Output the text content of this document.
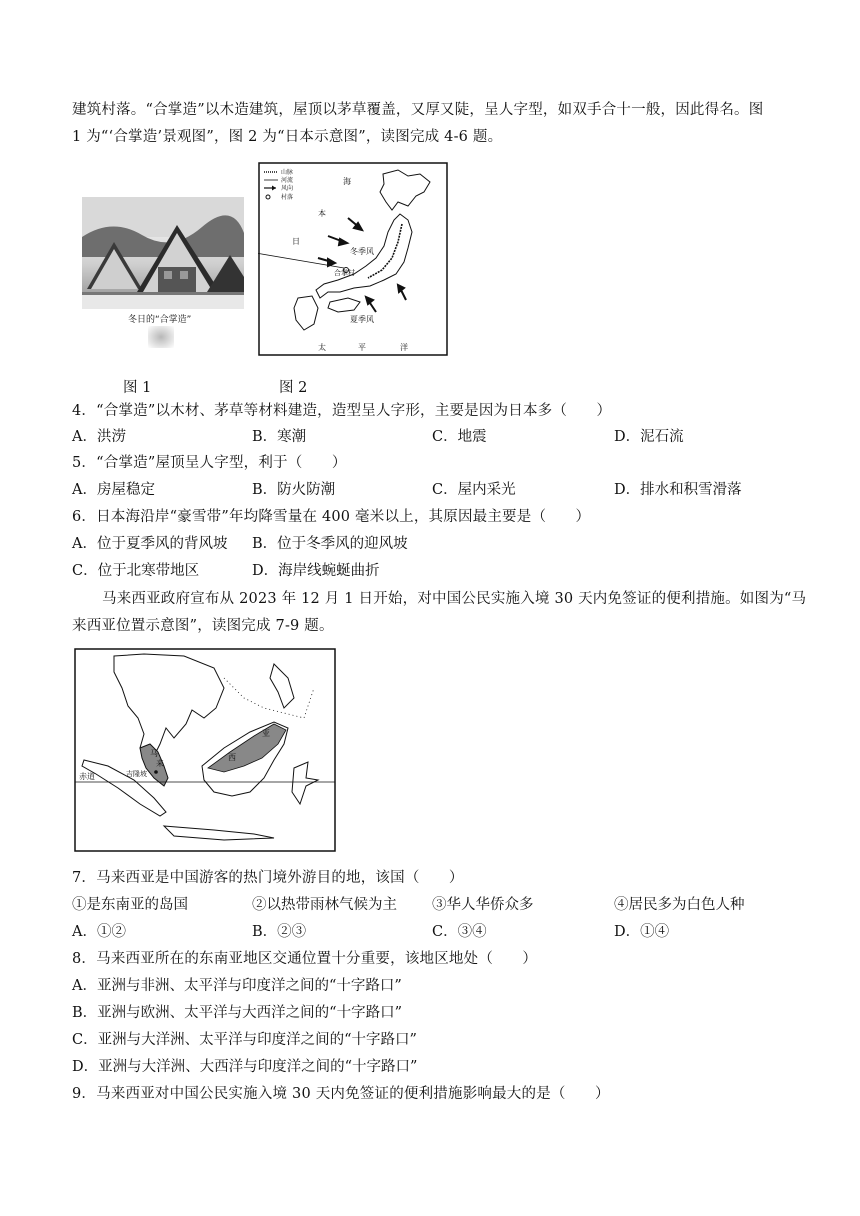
建筑村落。“合掌造”以木造建筑，屋顶以茅草覆盖，又厚又陡，呈人字型，如双手合十一般，因此得名。图
1 为“‘合掌造’景观图”，图 2 为“日本示意图”，读图完成 4-6 题。
冬日的“合掌造”
山脉
河流
风向
村落
海
本
日
冬季风
合掌村
夏季风
太	平	洋
图 1	图 2
4．“合掌造”以木材、茅草等材料建造，造型呈人字形，主要是因为日本多（　　）
A．洪涝	B．寒潮	C．地震	D．泥石流
5．“合掌造”屋顶呈人字型，利于（　　）
A．房屋稳定	B．防火防潮	C．屋内采光	D．排水和积雪滑落
6．日本海沿岸“豪雪带”年均降雪量在 400 毫米以上，其原因最主要是（　　）
A．位于夏季风的背风坡 B．位于冬季风的迎风坡
C．位于北寒带地区	D．海岸线蜿蜒曲折
马来西亚政府宣布从 2023 年 12 月 1 日开始，对中国公民实施入境 30 天内免签证的便利措施。如图为“马
来西亚位置示意图”，读图完成 7-9 题。
马
来
西
亚
吉隆坡
赤道
7．马来西亚是中国游客的热门境外游目的地，该国（　　）
①是东南亚的岛国	②以热带雨林气候为主 ③华人华侨众多	④居民多为白色人种
A．①②	B．②③	C．③④	D．①④
8．马来西亚所在的东南亚地区交通位置十分重要，该地区地处（　　）
A．亚洲与非洲、太平洋与印度洋之间的“十字路口”
B．亚洲与欧洲、太平洋与大西洋之间的“十字路口”
C．亚洲与大洋洲、太平洋与印度洋之间的“十字路口”
D．亚洲与大洋洲、大西洋与印度洋之间的“十字路口”
9．马来西亚对中国公民实施入境 30 天内免签证的便利措施影响最大的是（　　）
